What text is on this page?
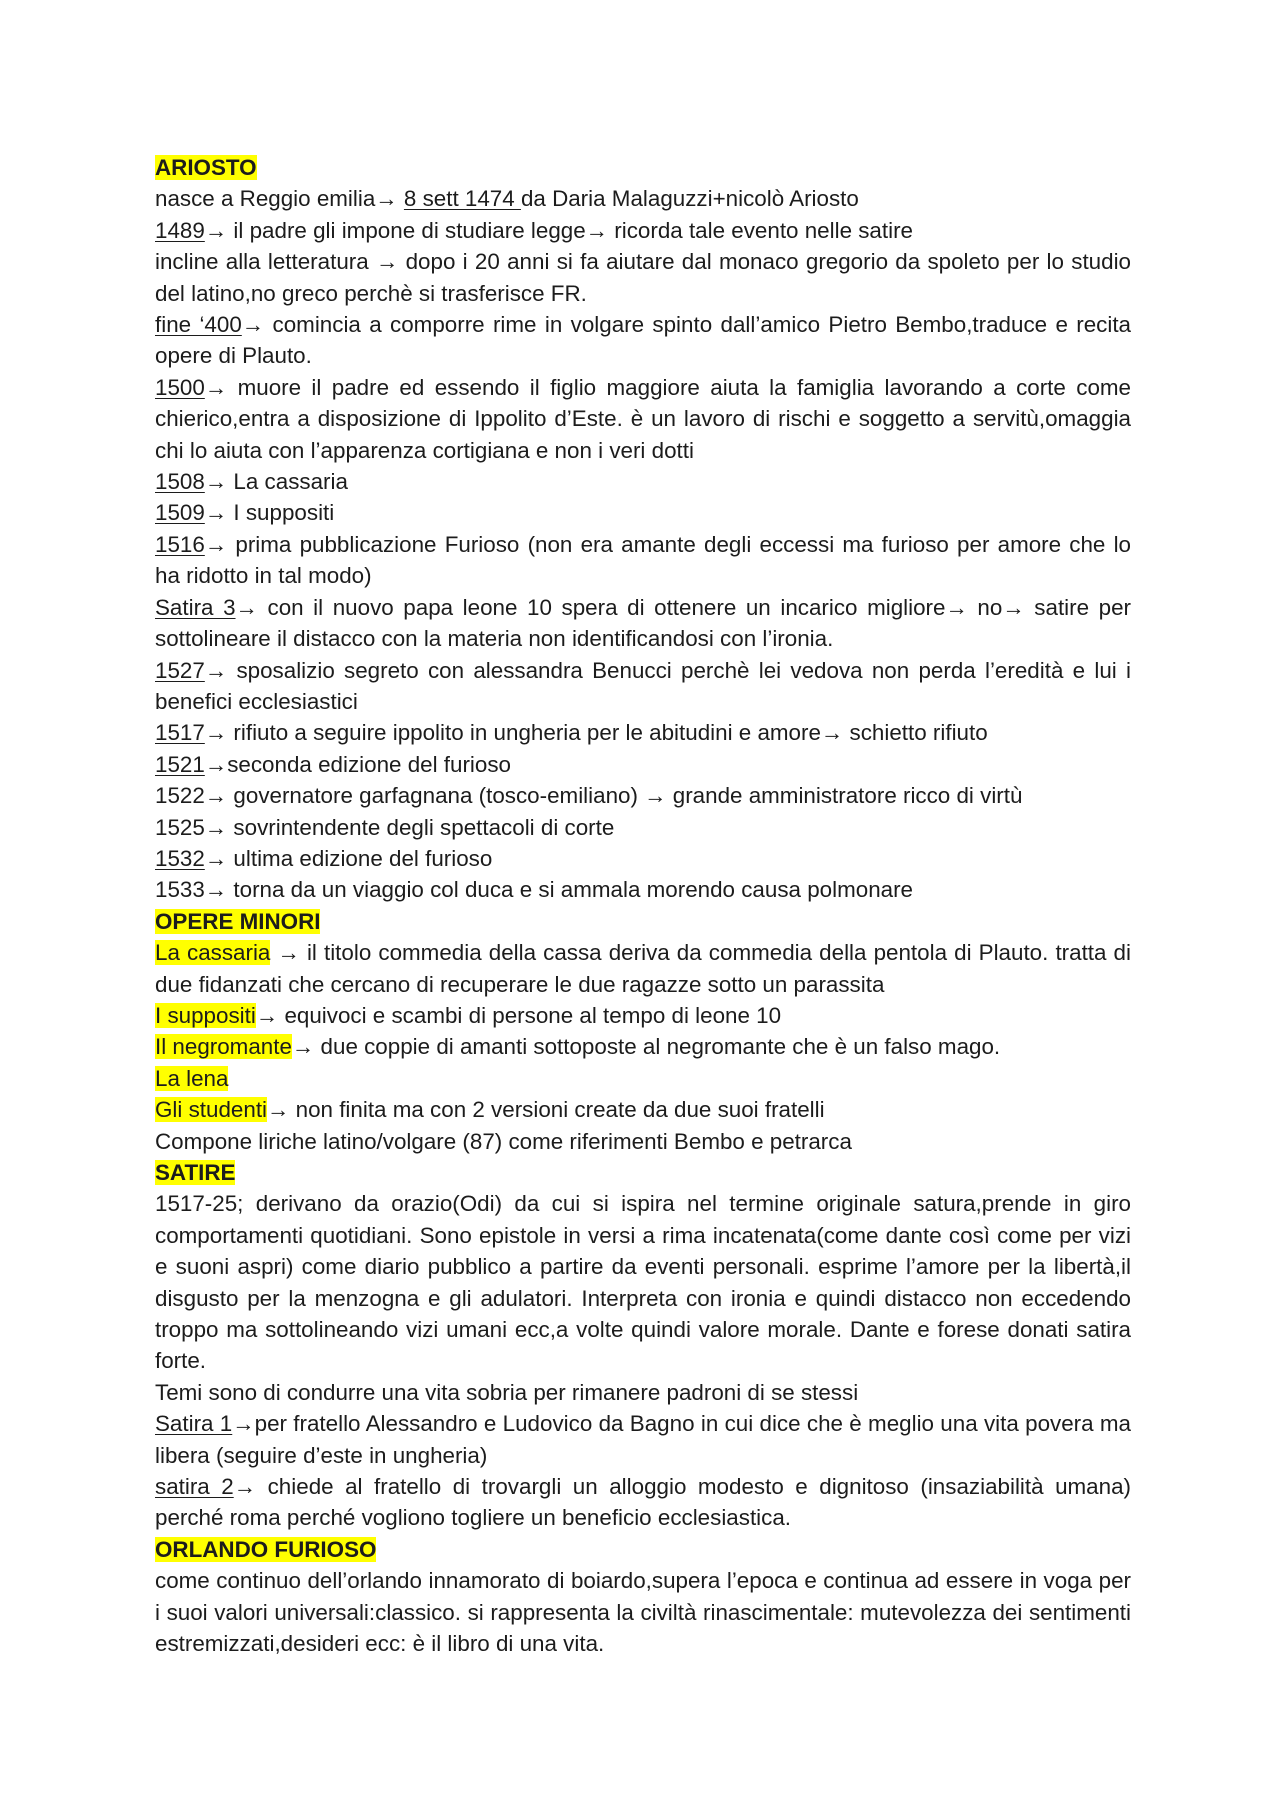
ARIOSTO

nasce a Reggio emilia→ 8 sett 1474 da Daria Malaguzzi+nicolò Ariosto

1489→ il padre gli impone di studiare legge→ ricorda tale evento nelle satire

incline alla letteratura → dopo i 20 anni si fa aiutare dal monaco gregorio da spoleto per lo studio del latino,no greco perchè si trasferisce FR.

fine ‘400→ comincia a comporre rime in volgare spinto dall’amico Pietro Bembo,traduce e recita opere di Plauto.

1500→ muore il padre ed essendo il figlio maggiore aiuta la famiglia lavorando a corte come chierico,entra a disposizione di Ippolito d’Este. è un lavoro di rischi e soggetto a servitù,omaggia chi lo aiuta con l’apparenza cortigiana e non i veri dotti

1508→ La cassaria

1509→ I suppositi

1516→ prima pubblicazione Furioso (non era amante degli eccessi ma furioso per amore che lo ha ridotto in tal modo)

Satira 3→ con il nuovo papa leone 10 spera di ottenere un incarico migliore→ no→ satire per sottolineare il distacco con la materia non identificandosi con l’ironia.

1527→ sposalizio segreto con alessandra Benucci perchè lei vedova non perda l’eredità e lui i benefici ecclesiastici

1517→ rifiuto a seguire ippolito in ungheria per le abitudini e amore→ schietto rifiuto

1521→seconda edizione del furioso

1522→ governatore garfagnana (tosco-emiliano) → grande amministratore ricco di virtù

1525→ sovrintendente degli spettacoli di corte

1532→ ultima edizione del furioso

1533→ torna da un viaggio col duca e si ammala morendo causa polmonare

OPERE MINORI

La cassaria → il titolo commedia della cassa deriva da commedia della pentola di Plauto. tratta di due fidanzati che cercano di recuperare le due ragazze sotto un parassita

I suppositi→ equivoci e scambi di persone al tempo di leone 10

Il negromante→ due coppie di amanti sottoposte al negromante che è un falso mago.

La lena

Gli studenti→ non finita ma con 2 versioni create da due suoi fratelli

Compone liriche latino/volgare (87) come riferimenti Bembo e petrarca

SATIRE

1517-25; derivano da orazio(Odi) da cui si ispira nel termine originale satura,prende in giro comportamenti quotidiani. Sono epistole in versi a rima incatenata(come dante così come per vizi e suoni aspri) come diario pubblico a partire da eventi personali. esprime l’amore per la libertà,il disgusto per la menzogna e gli adulatori. Interpreta con ironia e quindi distacco non eccedendo troppo ma sottolineando vizi umani ecc,a volte quindi valore morale. Dante e forese donati satira forte.

Temi sono di condurre una vita sobria per rimanere padroni di se stessi

Satira 1→per fratello Alessandro e Ludovico da Bagno in cui dice che è meglio una vita povera ma libera (seguire d’este in ungheria)

satira 2→ chiede al fratello di trovargli un alloggio modesto e dignitoso (insaziabilità umana) perché roma perché vogliono togliere un beneficio ecclesiastica.

ORLANDO FURIOSO

come continuo dell’orlando innamorato di boiardo,supera l’epoca e continua ad essere in voga per i suoi valori universali:classico. si rappresenta la civiltà rinascimentale: mutevolezza dei sentimenti estremizzati,desideri ecc: è il libro di una vita.
